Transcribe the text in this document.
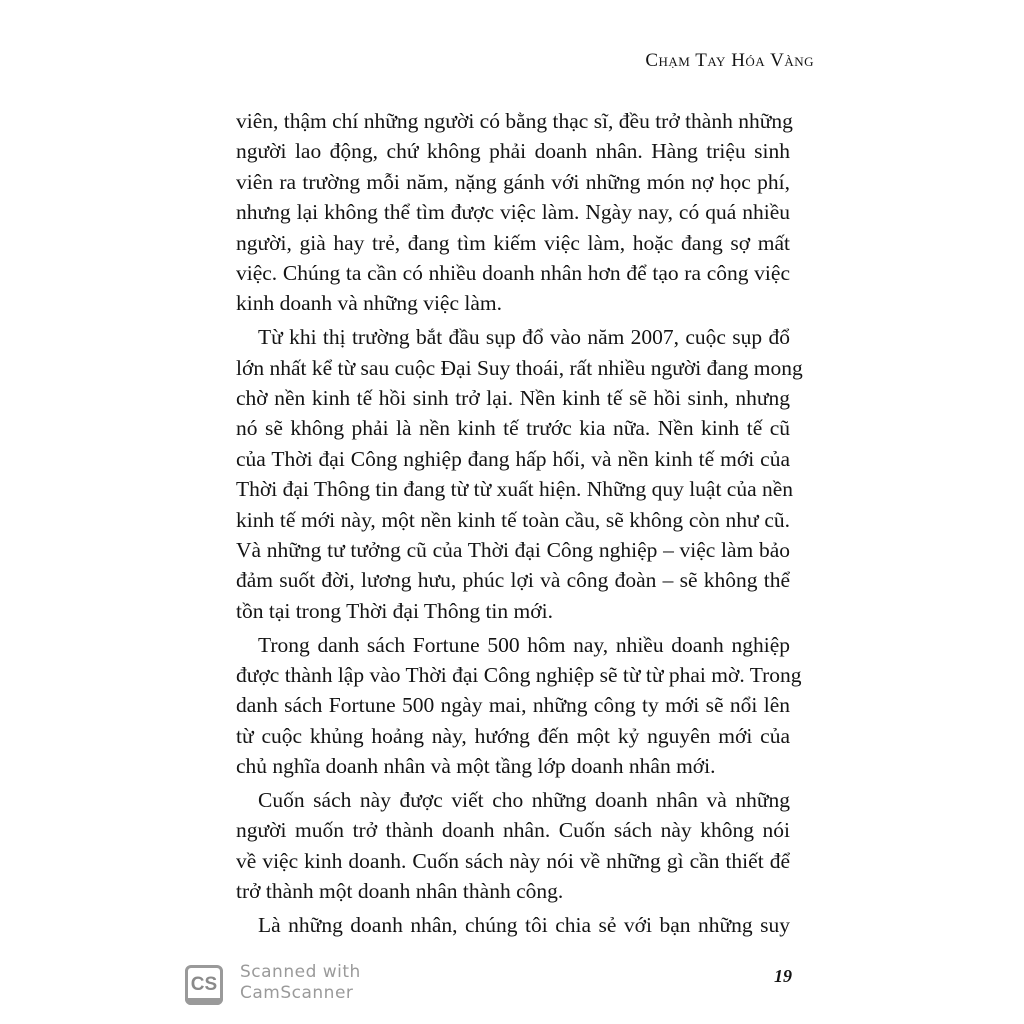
Chạm Tay Hóa Vàng

viên, thậm chí những người có bằng thạc sĩ, đều trở thành những
người lao động, chứ không phải doanh nhân. Hàng triệu sinh
viên ra trường mỗi năm, nặng gánh với những món nợ học phí,
nhưng lại không thể tìm được việc làm. Ngày nay, có quá nhiều
người, già hay trẻ, đang tìm kiếm việc làm, hoặc đang sợ mất
việc. Chúng ta cần có nhiều doanh nhân hơn để tạo ra công việc
kinh doanh và những việc làm.

Từ khi thị trường bắt đầu sụp đổ vào năm 2007, cuộc sụp đổ
lớn nhất kể từ sau cuộc Đại Suy thoái, rất nhiều người đang mong
chờ nền kinh tế hồi sinh trở lại. Nền kinh tế sẽ hồi sinh, nhưng
nó sẽ không phải là nền kinh tế trước kia nữa. Nền kinh tế cũ
của Thời đại Công nghiệp đang hấp hối, và nền kinh tế mới của
Thời đại Thông tin đang từ từ xuất hiện. Những quy luật của nền
kinh tế mới này, một nền kinh tế toàn cầu, sẽ không còn như cũ.
Và những tư tưởng cũ của Thời đại Công nghiệp – việc làm bảo
đảm suốt đời, lương hưu, phúc lợi và công đoàn – sẽ không thể
tồn tại trong Thời đại Thông tin mới.

Trong danh sách Fortune 500 hôm nay, nhiều doanh nghiệp
được thành lập vào Thời đại Công nghiệp sẽ từ từ phai mờ. Trong
danh sách Fortune 500 ngày mai, những công ty mới sẽ nổi lên
từ cuộc khủng hoảng này, hướng đến một kỷ nguyên mới của
chủ nghĩa doanh nhân và một tầng lớp doanh nhân mới.

Cuốn sách này được viết cho những doanh nhân và những
người muốn trở thành doanh nhân. Cuốn sách này không nói
về việc kinh doanh. Cuốn sách này nói về những gì cần thiết để
trở thành một doanh nhân thành công.

Là những doanh nhân, chúng tôi chia sẻ với bạn những suy

CS
Scanned with
CamScanner
19
